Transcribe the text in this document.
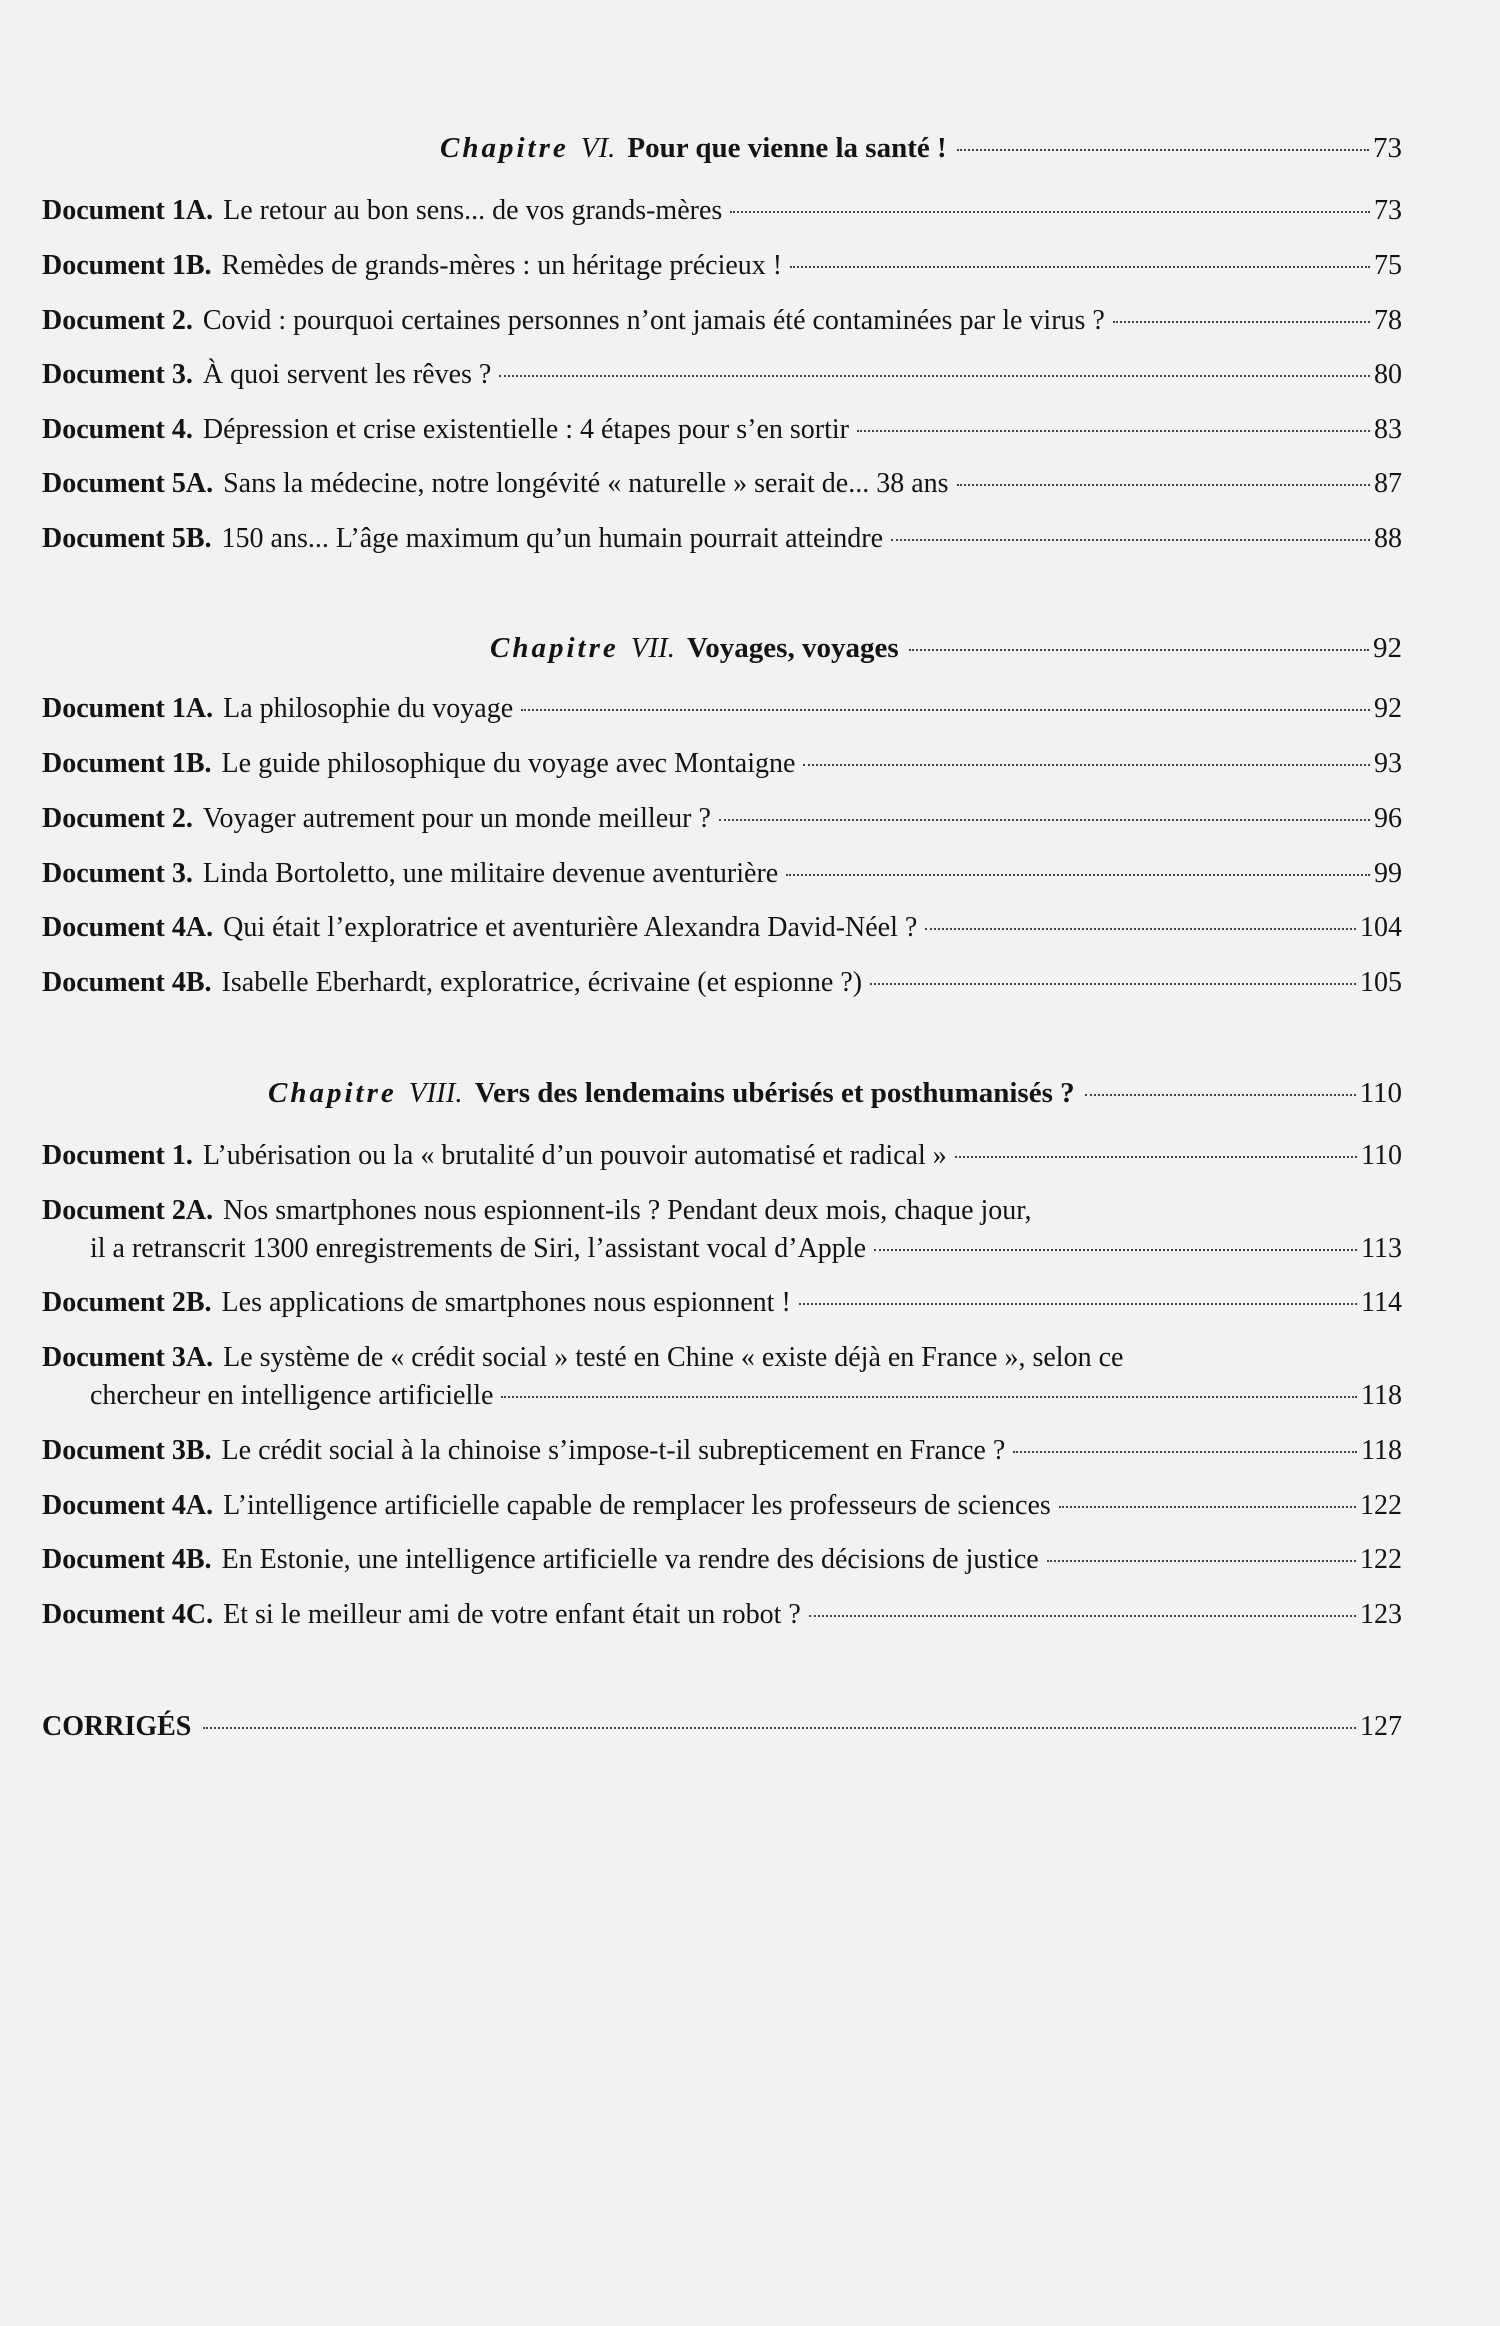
Chapitre VI. Pour que vienne la santé !	73
Document 1A. Le retour au bon sens... de vos grands-mères	73
Document 1B. Remèdes de grands-mères : un héritage précieux !	75
Document 2. Covid : pourquoi certaines personnes n’ont jamais été contaminées par le virus ?	78
Document 3. À quoi servent les rêves ?	80
Document 4. Dépression et crise existentielle : 4 étapes pour s’en sortir	83
Document 5A. Sans la médecine, notre longévité « naturelle » serait de... 38 ans	87
Document 5B. 150 ans... L’âge maximum qu’un humain pourrait atteindre	88
Chapitre VII. Voyages, voyages	92
Document 1A. La philosophie du voyage	92
Document 1B. Le guide philosophique du voyage avec Montaigne	93
Document 2. Voyager autrement pour un monde meilleur ?	96
Document 3. Linda Bortoletto, une militaire devenue aventurière	99
Document 4A. Qui était l’exploratrice et aventurière Alexandra David-Néel ?	104
Document 4B. Isabelle Eberhardt, exploratrice, écrivaine (et espionne ?)	105
Chapitre VIII. Vers des lendemains ubérisés et posthumanisés ?	110
Document 1. L’ubérisation ou la « brutalité d’un pouvoir automatisé et radical »	110
Document 2A. Nos smartphones nous espionnent-ils ? Pendant deux mois, chaque jour,
il a retranscrit 1300 enregistrements de Siri, l’assistant vocal d’Apple	113
Document 2B. Les applications de smartphones nous espionnent !	114
Document 3A. Le système de « crédit social » testé en Chine « existe déjà en France », selon ce
chercheur en intelligence artificielle	118
Document 3B. Le crédit social à la chinoise s’impose-t-il subrepticement en France ?	118
Document 4A. L’intelligence artificielle capable de remplacer les professeurs de sciences	122
Document 4B. En Estonie, une intelligence artificielle va rendre des décisions de justice	122
Document 4C. Et si le meilleur ami de votre enfant était un robot ?	123
CORRIGÉS	127
